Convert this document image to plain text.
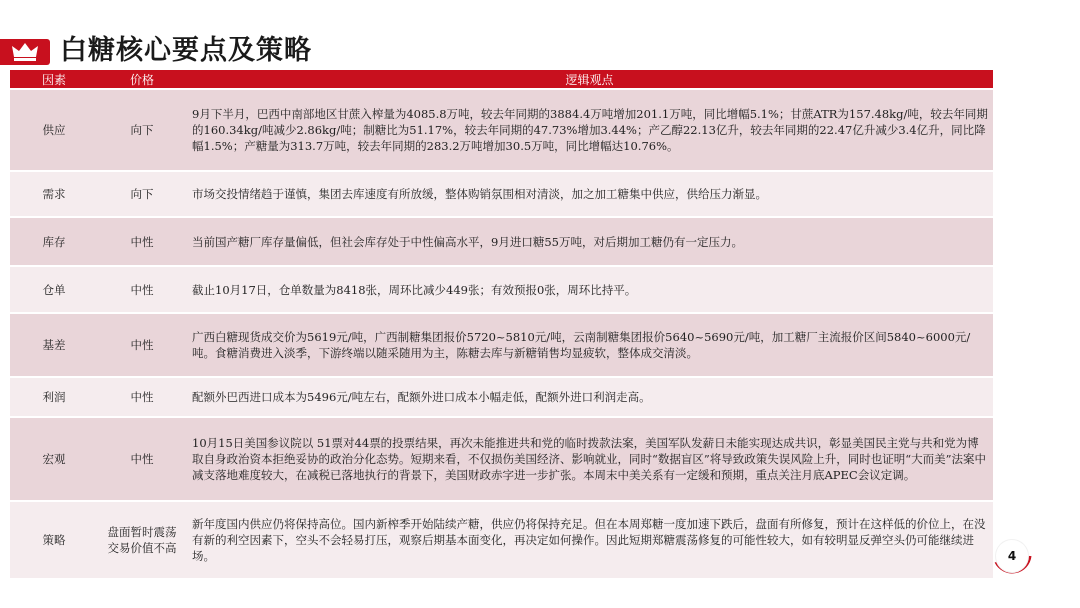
白糖核心要点及策略
因素	价格	逻辑观点
供应	向下	9月下半月，巴西中南部地区甘蔗入榨量为4085.8万吨，较去年同期的3884.4万吨增加201.1万吨，同比增幅5.1%；甘蔗ATR为157.48kg/吨，较去年同期的160.34kg/吨减少2.86kg/吨；制糖比为51.17%，较去年同期的47.73%增加3.44%；产乙醇22.13亿升，较去年同期的22.47亿升减少3.4亿升，同比降幅1.5%；产糖量为313.7万吨，较去年同期的283.2万吨增加30.5万吨，同比增幅达10.76%。
需求	向下	市场交投情绪趋于谨慎，集团去库速度有所放缓，整体购销氛围相对清淡，加之加工糖集中供应，供给压力渐显。
库存	中性	当前国产糖厂库存量偏低，但社会库存处于中性偏高水平，9月进口糖55万吨，对后期加工糖仍有一定压力。
仓单	中性	截止10月17日，仓单数量为8418张，周环比减少449张；有效预报0张，周环比持平。
基差	中性	广西白糖现货成交价为5619元/吨，广西制糖集团报价5720~5810元/吨，云南制糖集团报价5640~5690元/吨，加工糖厂主流报价区间5840~6000元/吨。食糖消费进入淡季，下游终端以随采随用为主，陈糖去库与新糖销售均显疲软，整体成交清淡。
利润	中性	配额外巴西进口成本为5496元/吨左右，配额外进口成本小幅走低，配额外进口利润走高。
宏观	中性	10月15日美国参议院以 51票对44票的投票结果，再次未能推进共和党的临时拨款法案，美国军队发薪日未能实现达成共识，彰显美国民主党与共和党为博取自身政治资本拒绝妥协的政治分化态势。短期来看，不仅损伤美国经济、影响就业，同时“数据盲区”将导致政策失误风险上升，同时也证明“大而美”法案中减支落地难度较大，在减税已落地执行的背景下，美国财政赤字进一步扩张。本周末中美关系有一定缓和预期，重点关注月底APEC会议定调。
策略	盘面暂时震荡交易价值不高	新年度国内供应仍将保持高位。国内新榨季开始陆续产糖，供应仍将保持充足。但在本周郑糖一度加速下跌后，盘面有所修复，预计在这样低的价位上，在没有新的利空因素下，空头不会轻易打压，观察后期基本面变化，再决定如何操作。因此短期郑糖震荡修复的可能性较大，如有较明显反弹空头仍可能继续进场。	4
